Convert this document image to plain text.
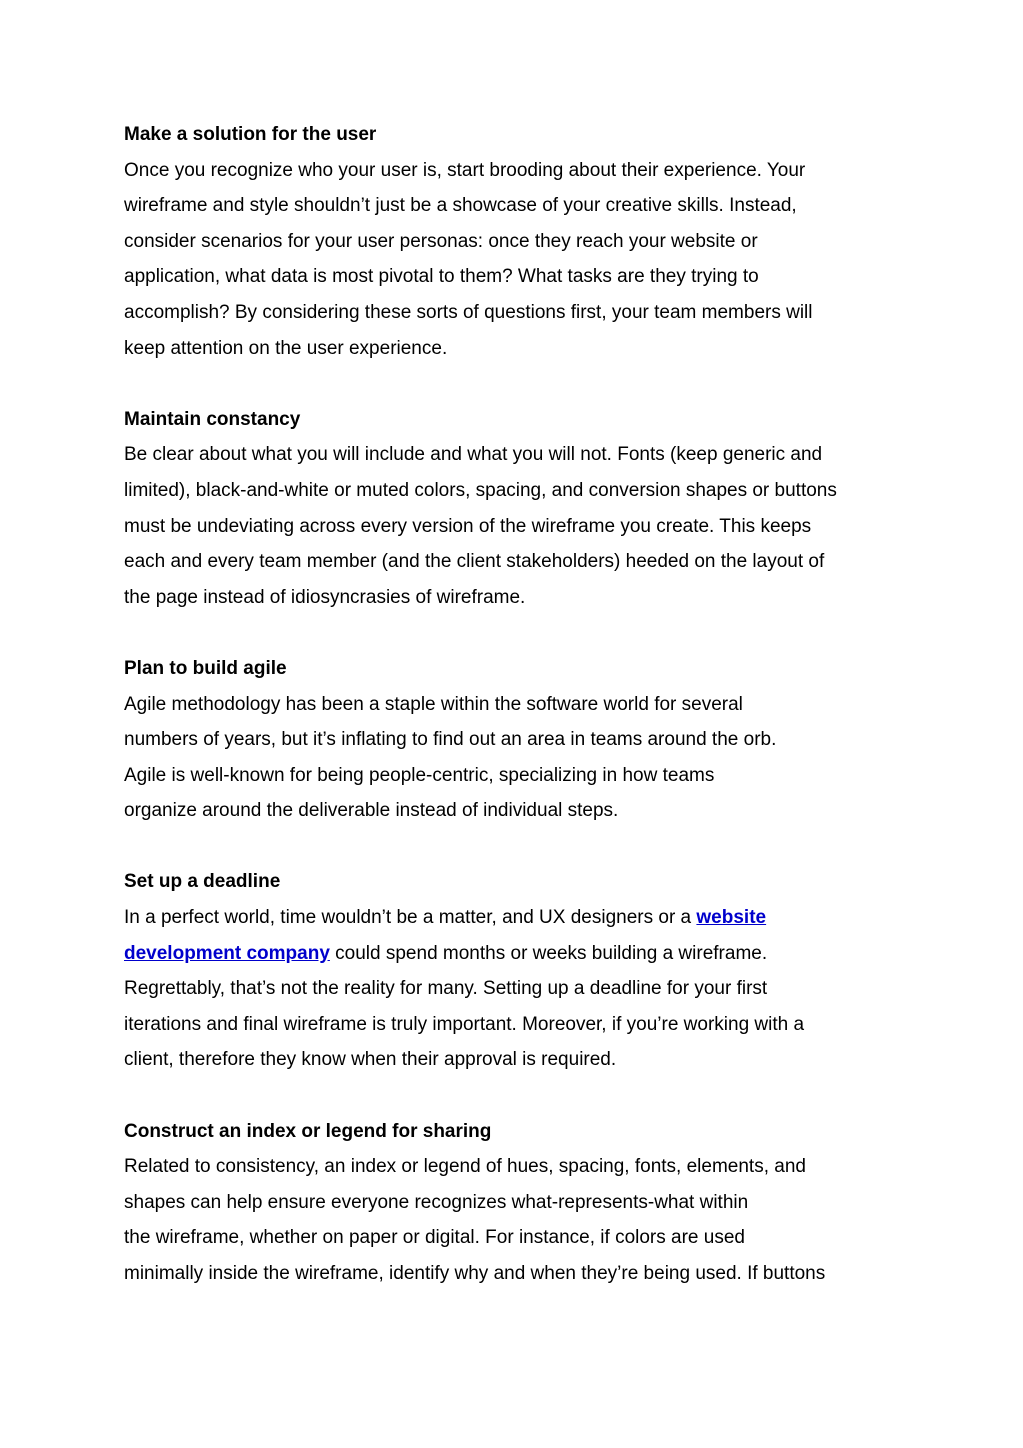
Make a solution for the user
Once you recognize who your user is, start brooding about their experience. Your
wireframe and style shouldn’t just be a showcase of your creative skills. Instead,
consider scenarios for your user personas: once they reach your website or
application, what data is most pivotal to them? What tasks are they trying to
accomplish? By considering these sorts of questions first, your team members will
keep attention on the user experience.
Maintain constancy
Be clear about what you will include and what you will not. Fonts (keep generic and
limited), black-and-white or muted colors, spacing, and conversion shapes or buttons
must be undeviating across every version of the wireframe you create. This keeps
each and every team member (and the client stakeholders) heeded on the layout of
the page instead of idiosyncrasies of wireframe.
Plan to build agile
Agile methodology has been a staple within the software world for several
numbers of years, but it’s inflating to find out an area in teams around the orb.
Agile is well-known for being people-centric, specializing in how teams
organize around the deliverable instead of individual steps.
Set up a deadline
In a perfect world, time wouldn’t be a matter, and UX designers or a website
development company could spend months or weeks building a wireframe.
Regrettably, that’s not the reality for many. Setting up a deadline for your first
iterations and final wireframe is truly important. Moreover, if you’re working with a
client, therefore they know when their approval is required.
Construct an index or legend for sharing
Related to consistency, an index or legend of hues, spacing, fonts, elements, and
shapes can help ensure everyone recognizes what-represents-what within
the wireframe, whether on paper or digital. For instance, if colors are used
minimally inside the wireframe, identify why and when they’re being used. If buttons
